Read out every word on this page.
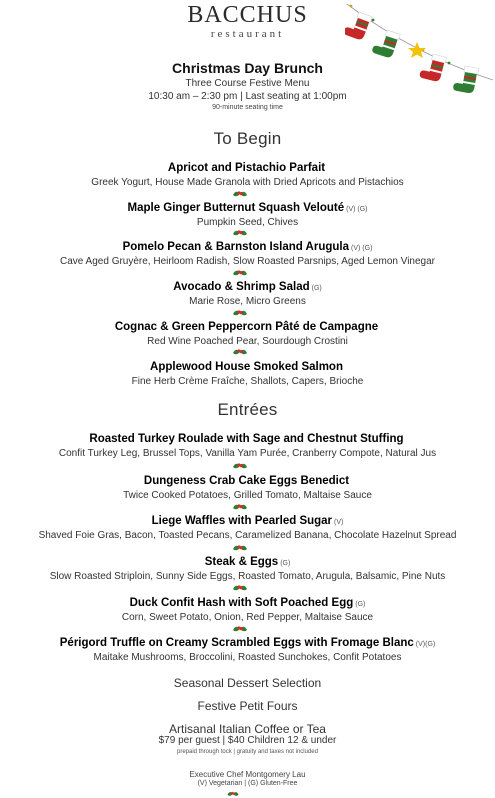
BACCHUS
restaurant
Christmas Day Brunch
Three Course Festive Menu
10:30 am – 2:30 pm | Last seating at 1:00pm
90-minute seating time
To Begin
Apricot and Pistachio Parfait
Greek Yogurt, House Made Granola with Dried Apricots and Pistachios
Maple Ginger Butternut Squash Velouté (V) (G)
Pumpkin Seed, Chives
Pomelo Pecan & Barnston Island Arugula (V) (G)
Cave Aged Gruyère, Heirloom Radish, Slow Roasted Parsnips, Aged Lemon Vinegar
Avocado & Shrimp Salad (G)
Marie Rose, Micro Greens
Cognac & Green Peppercorn Pâté de Campagne
Red Wine Poached Pear, Sourdough Crostini
Applewood House Smoked Salmon
Fine Herb Crème Fraîche, Shallots, Capers, Brioche
Entrées
Roasted Turkey Roulade with Sage and Chestnut Stuffing
Confit Turkey Leg, Brussel Tops, Vanilla Yam Purée, Cranberry Compote, Natural Jus
Dungeness Crab Cake Eggs Benedict
Twice Cooked Potatoes, Grilled Tomato, Maltaise Sauce
Liege Waffles with Pearled Sugar (V)
Shaved Foie Gras, Bacon, Toasted Pecans, Caramelized Banana, Chocolate Hazelnut Spread
Steak & Eggs (G)
Slow Roasted Striploin, Sunny Side Eggs, Roasted Tomato, Arugula, Balsamic, Pine Nuts
Duck Confit Hash with Soft Poached Egg (G)
Corn, Sweet Potato, Onion, Red Pepper, Maltaise Sauce
Périgord Truffle on Creamy Scrambled Eggs with Fromage Blanc (V)(G)
Maitake Mushrooms, Broccolini, Roasted Sunchokes, Confit Potatoes
Seasonal Dessert Selection
Festive Petit Fours
Artisanal Italian Coffee or Tea
$79 per guest | $40 Children 12 & under
prepaid through tock | gratuity and taxes not included
Executive Chef Montgomery Lau
(V) Vegetarian | (G) Gluten-Free
